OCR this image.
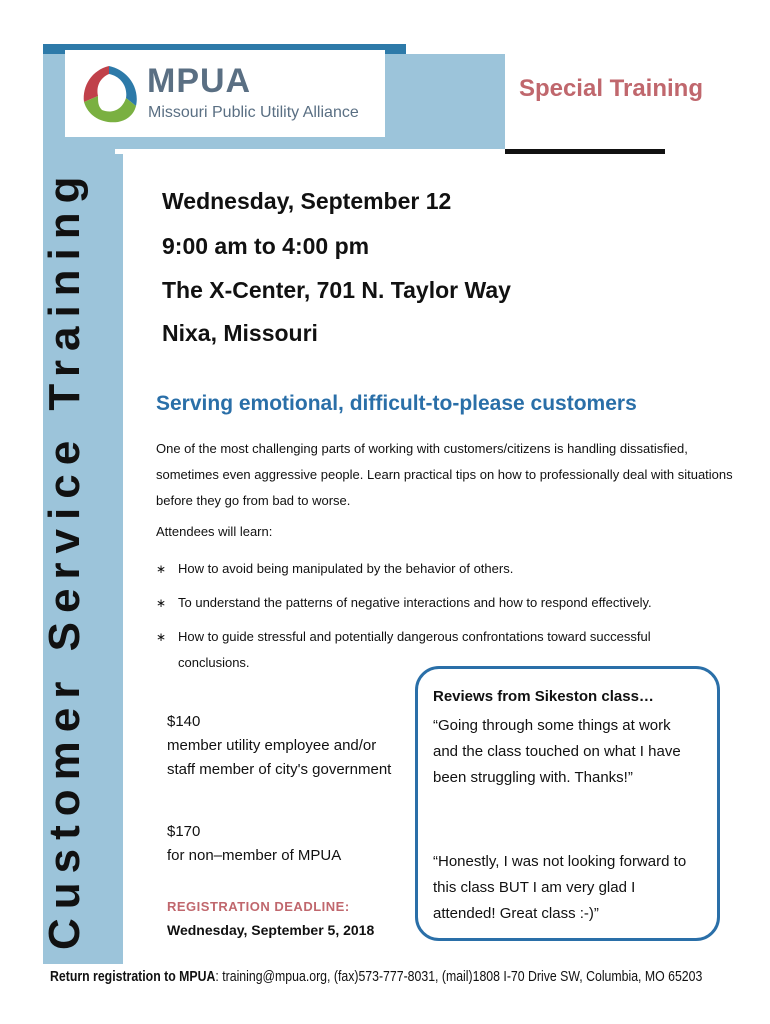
MPUA
Missouri Public Utility Alliance
Special Training
Customer Service Training	Wednesday, September 12
9:00 am to 4:00 pm
The X-Center, 701 N. Taylor Way
Nixa, Missouri
Serving emotional, difficult-to-please customers
One of the most challenging parts of working with customers/citizens is handling dissatisfied, sometimes even aggressive people. Learn practical tips on how to professionally deal with situations before they go from bad to worse.
Attendees will learn:
∗ How to avoid being manipulated by the behavior of others.
∗ To understand the patterns of negative interactions and how to respond effectively.
∗ How to guide stressful and potentially dangerous confrontations toward successful conclusions.
$140
member utility employee and/or staff member of city's government
$170
for non–member of MPUA
REGISTRATION DEADLINE:
Wednesday, September 5, 2018
Reviews from Sikeston class…
“Going through some things at work and the class touched on what I have been struggling with. Thanks!”
“Honestly, I was not looking forward to this class BUT I am very glad I attended! Great class :-)”
Return registration to MPUA: training@mpua.org, (fax)573-777-8031, (mail)1808 I-70 Drive SW, Columbia, MO 65203
